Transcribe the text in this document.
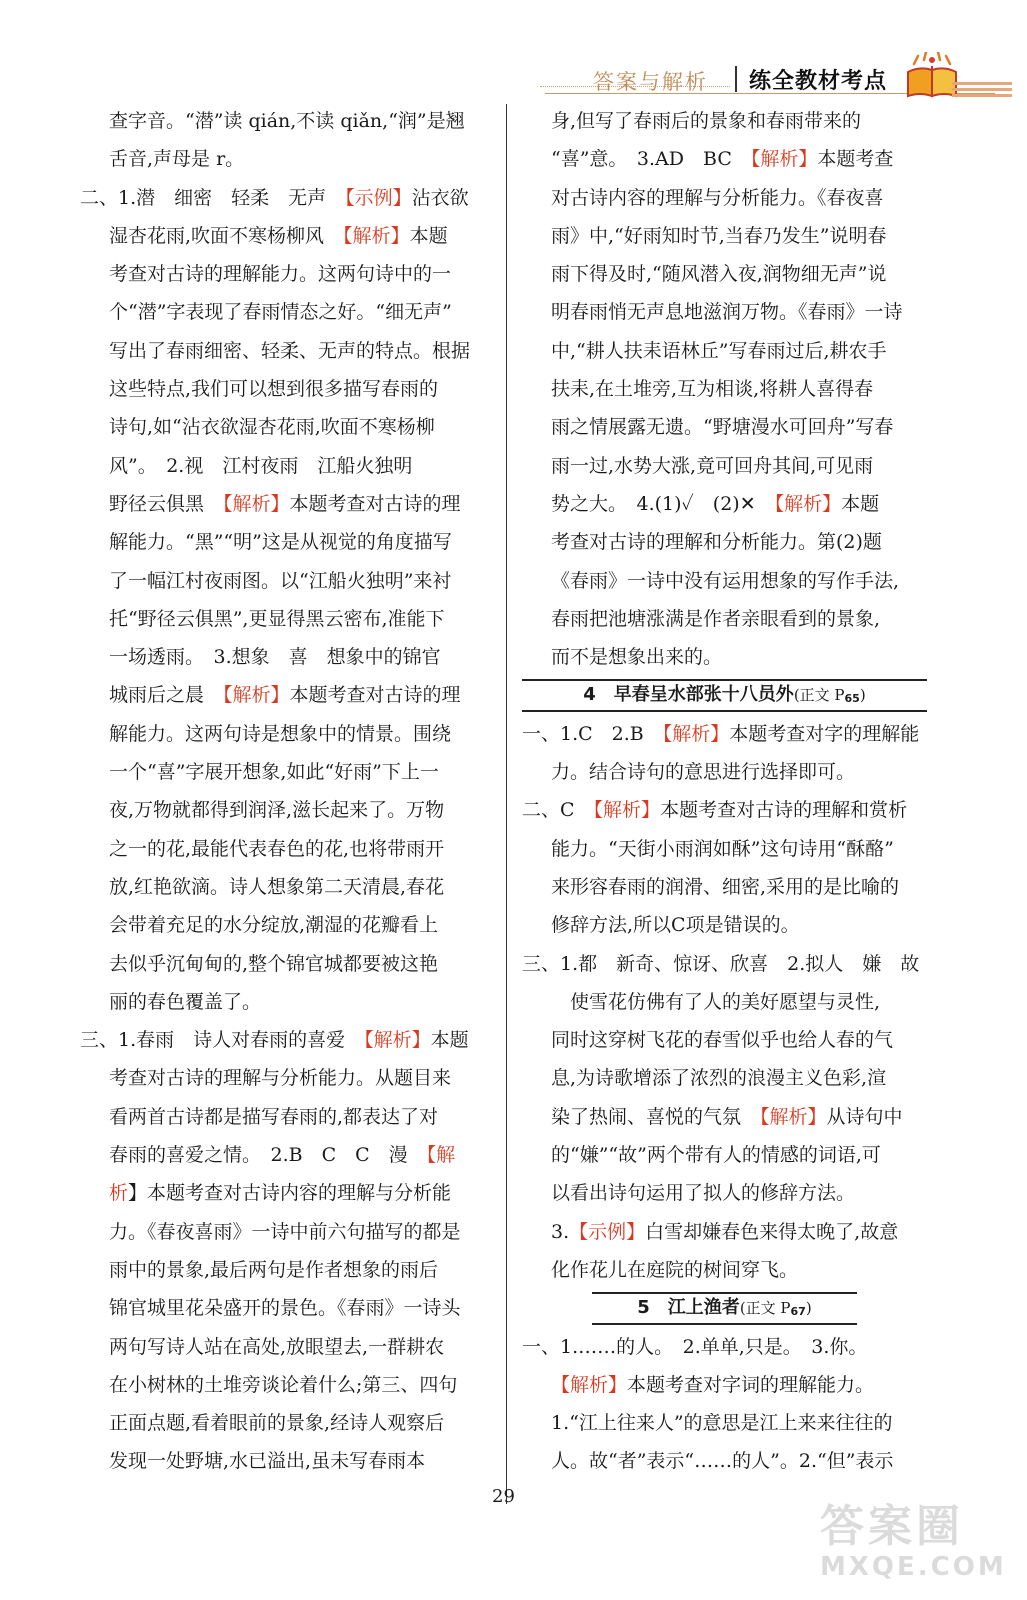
答案与解析 练全教材考点
查字音。“潜”读 qián,不读 qiǎn,“润”是翘
舌音,声母是 r。
二、1.潜　细密　轻柔　无声　【示例】沾衣欲
湿杏花雨,吹面不寒杨柳风　【解析】本题
考查对古诗的理解能力。这两句诗中的一
个“潜”字表现了春雨情态之好。“细无声”
写出了春雨细密、轻柔、无声的特点。根据
这些特点,我们可以想到很多描写春雨的
诗句,如“沾衣欲湿杏花雨,吹面不寒杨柳
风”。　2.视　江村夜雨　江船火独明
野径云俱黑　【解析】本题考查对古诗的理
解能力。“黑”“明”这是从视觉的角度描写
了一幅江村夜雨图。以“江船火独明”来衬
托“野径云俱黑”,更显得黑云密布,准能下
一场透雨。　3.想象　喜　想象中的锦官
城雨后之晨　【解析】本题考查对古诗的理
解能力。这两句诗是想象中的情景。围绕
一个“喜”字展开想象,如此“好雨”下上一
夜,万物就都得到润泽,滋长起来了。万物
之一的花,最能代表春色的花,也将带雨开
放,红艳欲滴。诗人想象第二天清晨,春花
会带着充足的水分绽放,潮湿的花瓣看上
去似乎沉甸甸的,整个锦官城都要被这艳
丽的春色覆盖了。
三、1.春雨　诗人对春雨的喜爱　【解析】本题
考查对古诗的理解与分析能力。从题目来
看两首古诗都是描写春雨的,都表达了对
春雨的喜爱之情。　2.B　C　C　漫　【解
析】本题考查对古诗内容的理解与分析能
力。《春夜喜雨》一诗中前六句描写的都是
雨中的景象,最后两句是作者想象的雨后
锦官城里花朵盛开的景色。《春雨》一诗头
两句写诗人站在高处,放眼望去,一群耕农
在小树林的土堆旁谈论着什么;第三、四句
正面点题,看着眼前的景象,经诗人观察后
发现一处野塘,水已溢出,虽未写春雨本
身,但写了春雨后的景象和春雨带来的
“喜”意。　3.AD　BC　【解析】本题考查
对古诗内容的理解与分析能力。《春夜喜
雨》中,“好雨知时节,当春乃发生”说明春
雨下得及时,“随风潜入夜,润物细无声”说
明春雨悄无声息地滋润万物。《春雨》一诗
中,“耕人扶耒语林丘”写春雨过后,耕农手
扶耒,在土堆旁,互为相谈,将耕人喜得春
雨之情展露无遗。“野塘漫水可回舟”写春
雨一过,水势大涨,竟可回舟其间,可见雨
势之大。　4.(1)✓　(2)✕　【解析】本题
考查对古诗的理解和分析能力。第(2)题
《春雨》一诗中没有运用想象的写作手法,
春雨把池塘涨满是作者亲眼看到的景象,
而不是想象出来的。
4　早春呈水部张十八员外(正文 P65)
一、1.C　2.B　【解析】本题考查对字的理解能
力。结合诗句的意思进行选择即可。
二、C　【解析】本题考查对古诗的理解和赏析
能力。“天街小雨润如酥”这句诗用“酥酪”
来形容春雨的润滑、细密,采用的是比喻的
修辞方法,所以C项是错误的。
三、1.都　新奇、惊讶、欣喜　2.拟人　嫌　故
使雪花仿佛有了人的美好愿望与灵性,
同时这穿树飞花的春雪似乎也给人春的气
息,为诗歌增添了浓烈的浪漫主义色彩,渲
染了热闹、喜悦的气氛　【解析】从诗句中
的“嫌”“故”两个带有人的情感的词语,可
以看出诗句运用了拟人的修辞方法。
3.【示例】白雪却嫌春色来得太晚了,故意
化作花儿在庭院的树间穿飞。
5　江上渔者(正文 P67)
一、1.……的人。　2.单单,只是。　3.你。
【解析】本题考查对字词的理解能力。
1.“江上往来人”的意思是江上来来往往的
人。故“者”表示“……的人”。2.“但”表示
29
答案圈
MXQE.COM
